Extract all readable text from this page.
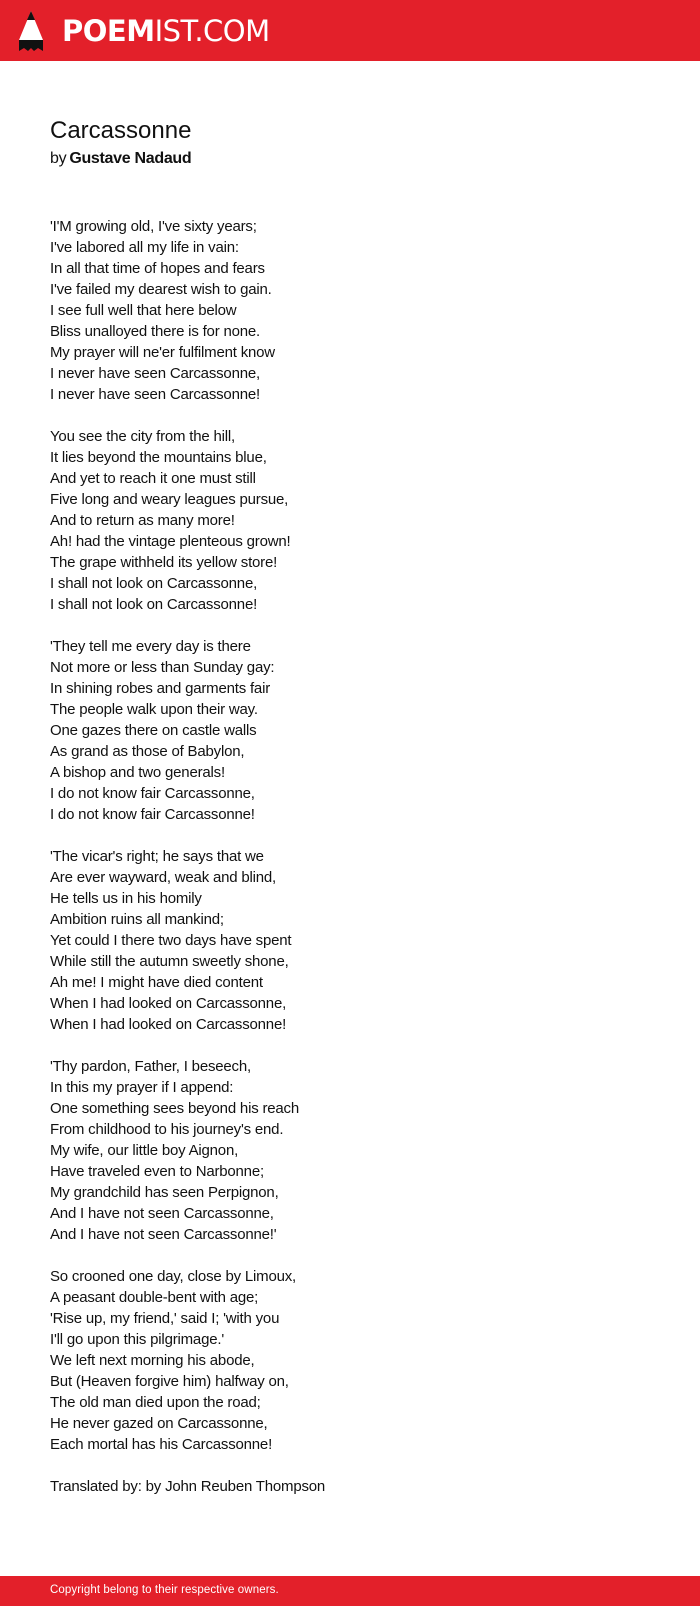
POEMIST.COM
Carcassonne
by Gustave Nadaud
'I'M growing old, I've sixty years;
I've labored all my life in vain:
In all that time of hopes and fears
I've failed my dearest wish to gain.
I see full well that here below
Bliss unalloyed there is for none.
My prayer will ne'er fulfilment know
I never have seen Carcassonne,
I never have seen Carcassonne!
You see the city from the hill,
It lies beyond the mountains blue,
And yet to reach it one must still
Five long and weary leagues pursue,
And to return as many more!
Ah! had the vintage plenteous grown!
The grape withheld its yellow store!
I shall not look on Carcassonne,
I shall not look on Carcassonne!
'They tell me every day is there
Not more or less than Sunday gay:
In shining robes and garments fair
The people walk upon their way.
One gazes there on castle walls
As grand as those of Babylon,
A bishop and two generals!
I do not know fair Carcassonne,
I do not know fair Carcassonne!
'The vicar's right; he says that we
Are ever wayward, weak and blind,
He tells us in his homily
Ambition ruins all mankind;
Yet could I there two days have spent
While still the autumn sweetly shone,
Ah me! I might have died content
When I had looked on Carcassonne,
When I had looked on Carcassonne!
'Thy pardon, Father, I beseech,
In this my prayer if I append:
One something sees beyond his reach
From childhood to his journey's end.
My wife, our little boy Aignon,
Have traveled even to Narbonne;
My grandchild has seen Perpignon,
And I have not seen Carcassonne,
And I have not seen Carcassonne!'
So crooned one day, close by Limoux,
A peasant double-bent with age;
'Rise up, my friend,' said I; 'with you
I'll go upon this pilgrimage.'
We left next morning his abode,
But (Heaven forgive him) halfway on,
The old man died upon the road;
He never gazed on Carcassonne,
Each mortal has his Carcassonne!
Translated by: by John Reuben Thompson
Copyright belong to their respective owners.
